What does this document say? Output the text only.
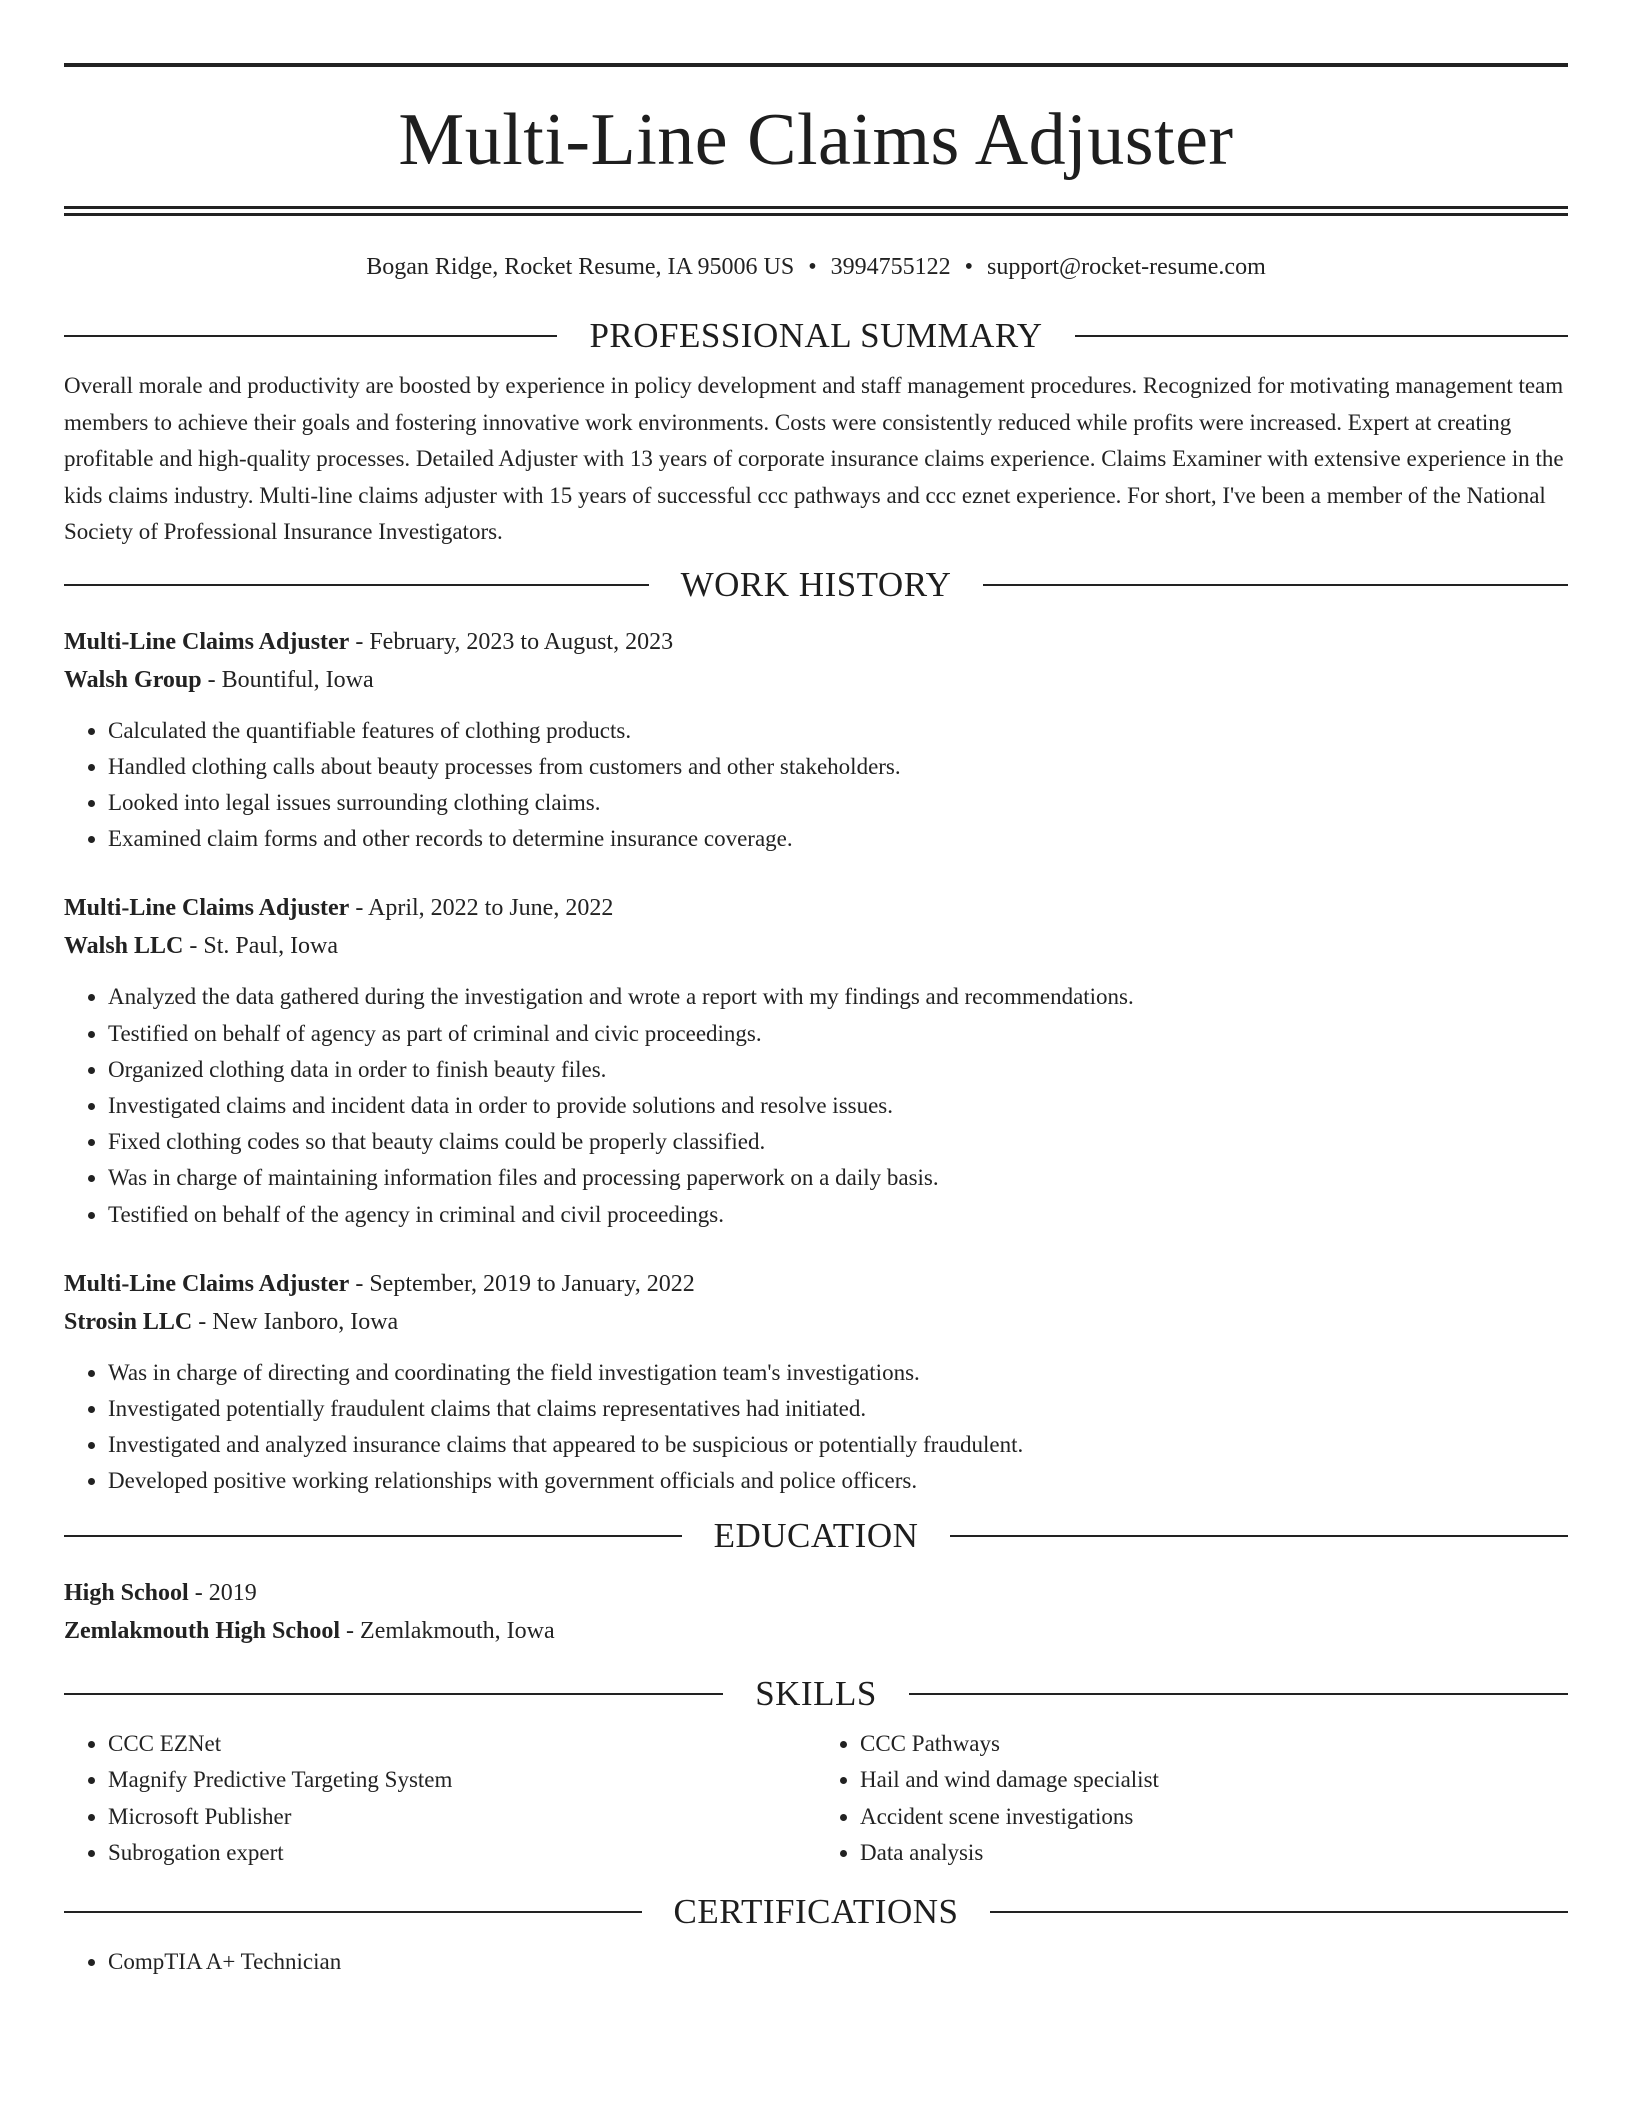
Multi-Line Claims Adjuster
Bogan Ridge, Rocket Resume, IA 95006 US • 3994755122 • support@rocket-resume.com
PROFESSIONAL SUMMARY

Overall morale and productivity are boosted by experience in policy development and staff management procedures. Recognized for motivating management team members to achieve their goals and fostering innovative work environments. Costs were consistently reduced while profits were increased. Expert at creating profitable and high-quality processes. Detailed Adjuster with 13 years of corporate insurance claims experience. Claims Examiner with extensive experience in the kids claims industry. Multi-line claims adjuster with 15 years of successful ccc pathways and ccc eznet experience. For short, I've been a member of the National Society of Professional Insurance Investigators.

WORK HISTORY
Multi-Line Claims Adjuster - February, 2023 to August, 2023
Walsh Group - Bountiful, Iowa
• Calculated the quantifiable features of clothing products.
• Handled clothing calls about beauty processes from customers and other stakeholders.
• Looked into legal issues surrounding clothing claims.
• Examined claim forms and other records to determine insurance coverage.
Multi-Line Claims Adjuster - April, 2022 to June, 2022
Walsh LLC - St. Paul, Iowa
• Analyzed the data gathered during the investigation and wrote a report with my findings and recommendations.
• Testified on behalf of agency as part of criminal and civic proceedings.
• Organized clothing data in order to finish beauty files.
• Investigated claims and incident data in order to provide solutions and resolve issues.
• Fixed clothing codes so that beauty claims could be properly classified.
• Was in charge of maintaining information files and processing paperwork on a daily basis.
• Testified on behalf of the agency in criminal and civil proceedings.
Multi-Line Claims Adjuster - September, 2019 to January, 2022
Strosin LLC - New Ianboro, Iowa
• Was in charge of directing and coordinating the field investigation team's investigations.
• Investigated potentially fraudulent claims that claims representatives had initiated.
• Investigated and analyzed insurance claims that appeared to be suspicious or potentially fraudulent.
• Developed positive working relationships with government officials and police officers.
EDUCATION
High School - 2019
Zemlakmouth High School - Zemlakmouth, Iowa
SKILLS
• CCC EZNet
• Magnify Predictive Targeting System
• Microsoft Publisher
• Subrogation expert
• CCC Pathways
• Hail and wind damage specialist
• Accident scene investigations
• Data analysis
CERTIFICATIONS
• CompTIA A+ Technician
